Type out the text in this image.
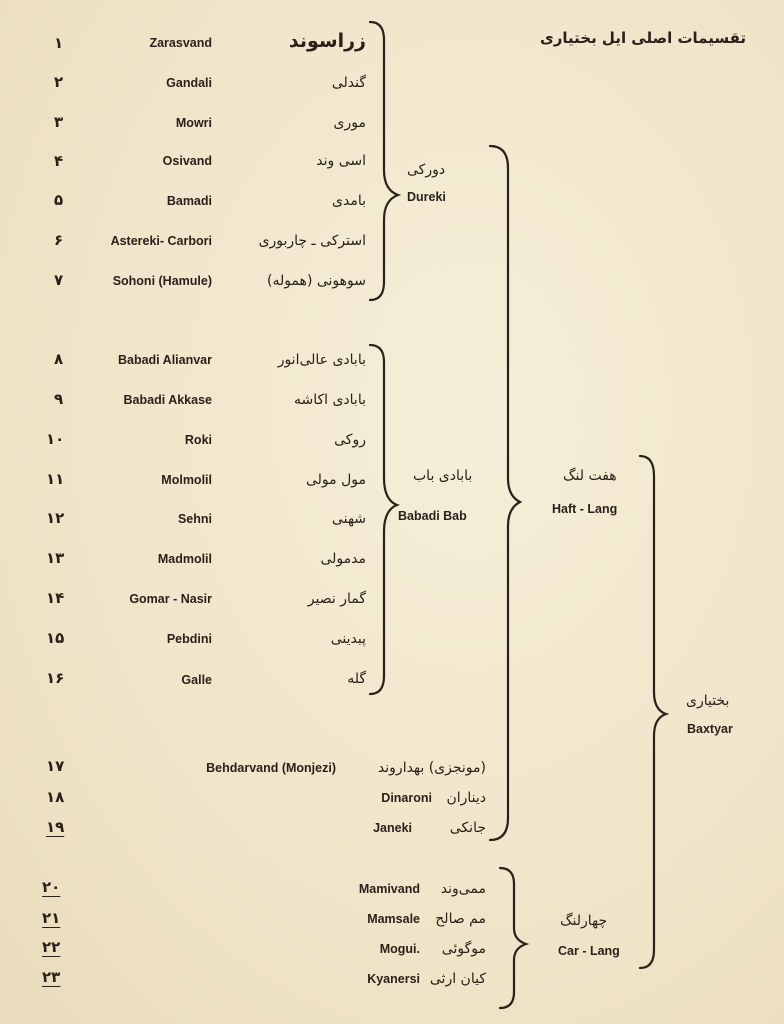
تقسیمات اصلی ایل بختیاری
۱
۲
۳
۴
۵
۶
۷
۸
۹
۱۰
۱۱
۱۲
۱۳
۱۴
۱۵
۱۶
۱۷
۱۸
۱۹
۲۰
۲۱
۲۲
۲۳
Zarasvand
Gandali
Mowri
Osivand
Bamadi
Astereki- Carbori
Sohoni (Hamule)
Babadi Alianvar
Babadi Akkase
Roki
Molmolil
Sehni
Madmolil
Gomar - Nasir
Pebdini
Galle
Behdarvand (Monjezi)
Dinaroni
Janeki
Mamivand
Mamsale
Mogui.
Kyanersi
زراسوند
گندلی
موری
اسی وند
بامدی
استرکی ـ چاربوری
سوهونی (هموله)
بابادی عالی‌انور
بابادی اکاشه
روکی
مول مولی
شهنی
مدمولی
گمار نصیر
پبدینی
گله
(مونجزی) بهداروند
دیناران
جانکی
ممی‌وند
مم صالح
موگوئی
کیان ارثی
دورکی
Dureki
بابادی باب
Babadi Bab
هفت لنگ
Haft - Lang
چهارلنگ
Car - Lang
بختیاری
Baxtyar
